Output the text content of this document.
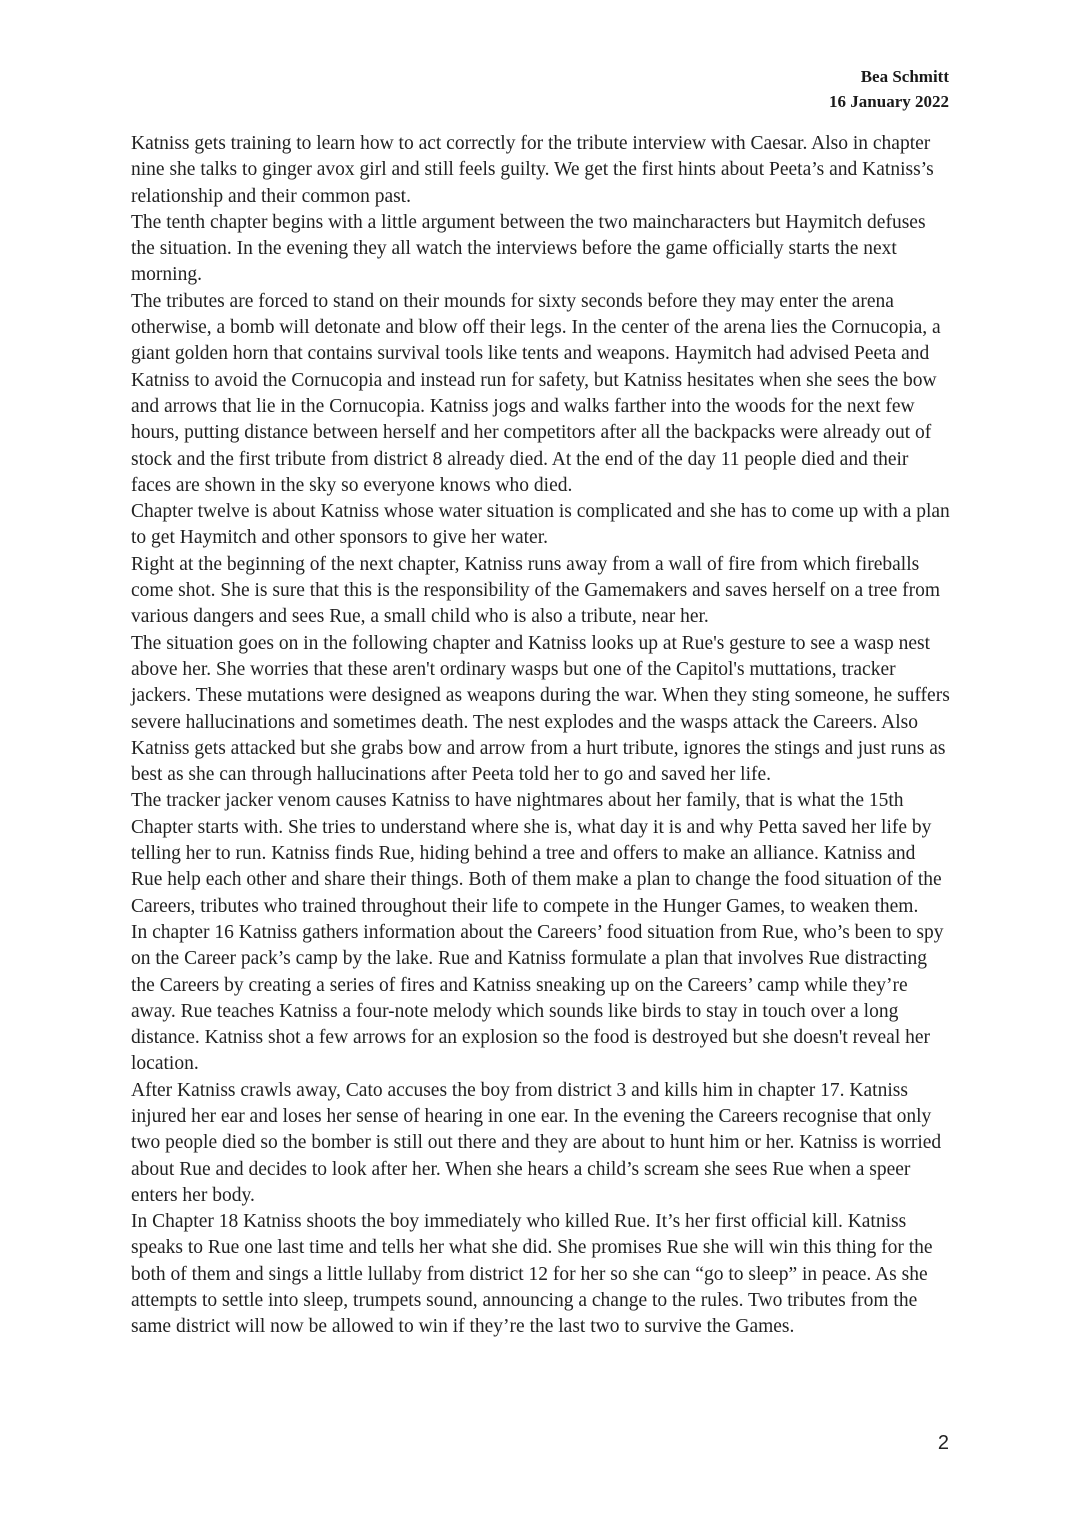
Bea Schmitt
16 January 2022

Katniss gets training to learn how to act correctly for the tribute interview with Caesar. Also in chapter nine she talks to ginger avox girl and still feels guilty. We get the first hints about Peeta’s and Katniss’s relationship and their common past.

The tenth chapter begins with a little argument between the two maincharacters but Haymitch defuses the situation. In the evening they all watch the interviews before the game officially starts the next morning.

The tributes are forced to stand on their mounds for sixty seconds before they may enter the arena otherwise, a bomb will detonate and blow off their legs. In the center of the arena lies the Cornucopia, a giant golden horn that contains survival tools like tents and weapons. Haymitch had advised Peeta and Katniss to avoid the Cornucopia and instead run for safety, but Katniss hesitates when she sees the bow and arrows that lie in the Cornucopia. Katniss jogs and walks farther into the woods for the next few hours, putting distance between herself and her competitors after all the backpacks were already out of stock and the first tribute from district 8 already died. At the end of the day 11 people died and their faces are shown in the sky so everyone knows who died.

Chapter twelve is about Katniss whose water situation is complicated and she has to come up with a plan to get Haymitch and other sponsors to give her water.

Right at the beginning of the next chapter, Katniss runs away from a wall of fire from which fireballs come shot. She is sure that this is the responsibility of the Gamemakers and saves herself on a tree from various dangers and sees Rue, a small child who is also a tribute, near her.

The situation goes on in the following chapter and Katniss looks up at Rue's gesture to see a wasp nest above her. She worries that these aren't ordinary wasps but one of the Capitol's muttations, tracker jackers. These mutations were designed as weapons during the war. When they sting someone, he suffers severe hallucinations and sometimes death. The nest explodes and the wasps attack the Careers. Also Katniss gets attacked but she grabs bow and arrow from a hurt tribute, ignores the stings and just runs as best as she can through hallucinations after Peeta told her to go and saved her life.

The tracker jacker venom causes Katniss to have nightmares about her family, that is what the 15th Chapter starts with. She tries to understand where she is, what day it is and why Petta saved her life by telling her to run. Katniss finds Rue, hiding behind a tree and offers to make an alliance. Katniss and Rue help each other and share their things. Both of them make a plan to change the food situation of the Careers, tributes who trained throughout their life to compete in the Hunger Games, to weaken them.

In chapter 16 Katniss gathers information about the Careers’ food situation from Rue, who’s been to spy on the Career pack’s camp by the lake. Rue and Katniss formulate a plan that involves Rue distracting the Careers by creating a series of fires and Katniss sneaking up on the Careers’ camp while they’re away. Rue teaches Katniss a four-note melody which sounds like birds to stay in touch over a long distance. Katniss shot a few arrows for an explosion so the food is destroyed but she doesn't reveal her location.

After Katniss crawls away, Cato accuses the boy from district 3 and kills him in chapter 17. Katniss injured her ear and loses her sense of hearing in one ear. In the evening the Careers recognise that only two people died so the bomber is still out there and they are about to hunt him or her. Katniss is worried about Rue and decides to look after her. When she hears a child’s scream she sees Rue when a speer enters her body.

In Chapter 18 Katniss shoots the boy immediately who killed Rue. It’s her first official kill. Katniss speaks to Rue one last time and tells her what she did. She promises Rue she will win this thing for the both of them and sings a little lullaby from district 12 for her so she can “go to sleep” in peace. As she attempts to settle into sleep, trumpets sound, announcing a change to the rules. Two tributes from the same district will now be allowed to win if they’re the last two to survive the Games.

2
